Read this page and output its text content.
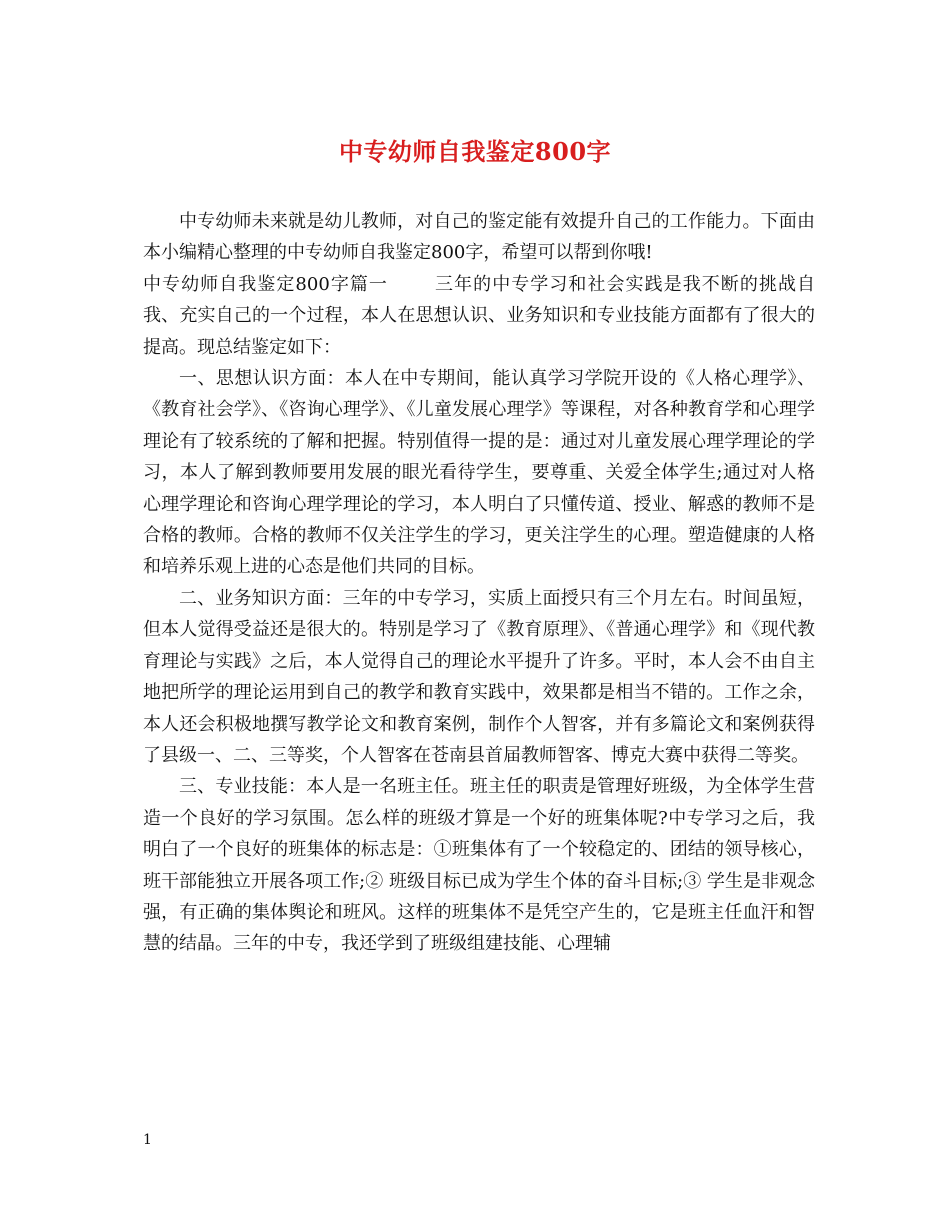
中专幼师自我鉴定800字

中专幼师未来就是幼儿教师，对自己的鉴定能有效提升自己的工作能力。下面由本小编精心整理的中专幼师自我鉴定800字，希望可以帮到你哦!

中专幼师自我鉴定800字篇一	三年的中专学习和社会实践是我不断的挑战自我、充实自己的一个过程，本人在思想认识、业务知识和专业技能方面都有了很大的提高。现总结鉴定如下：

一、思想认识方面：本人在中专期间，能认真学习学院开设的《人格心理学》、《教育社会学》、《咨询心理学》、《儿童发展心理学》等课程，对各种教育学和心理学理论有了较系统的了解和把握。特别值得一提的是：通过对儿童发展心理学理论的学习，本人了解到教师要用发展的眼光看待学生，要尊重、关爱全体学生;通过对人格心理学理论和咨询心理学理论的学习，本人明白了只懂传道、授业、解惑的教师不是合格的教师。合格的教师不仅关注学生的学习，更关注学生的心理。塑造健康的人格和培养乐观上进的心态是他们共同的目标。

二、业务知识方面：三年的中专学习，实质上面授只有三个月左右。时间虽短，但本人觉得受益还是很大的。特别是学习了《教育原理》、《普通心理学》和《现代教育理论与实践》之后，本人觉得自己的理论水平提升了许多。平时，本人会不由自主地把所学的理论运用到自己的教学和教育实践中，效果都是相当不错的。工作之余，本人还会积极地撰写教学论文和教育案例，制作个人智客，并有多篇论文和案例获得了县级一、二、三等奖，个人智客在苍南县首届教师智客、博克大赛中获得二等奖。

三、专业技能：本人是一名班主任。班主任的职责是管理好班级，为全体学生营造一个良好的学习氛围。怎么样的班级才算是一个好的班集体呢?中专学习之后，我明白了一个良好的班集体的标志是：①班集体有了一个较稳定的、团结的领导核心，班干部能独立开展各项工作;② 班级目标已成为学生个体的奋斗目标;③ 学生是非观念强，有正确的集体舆论和班风。这样的班集体不是凭空产生的，它是班主任血汗和智慧的结晶。三年的中专，我还学到了班级组建技能、心理辅

1
